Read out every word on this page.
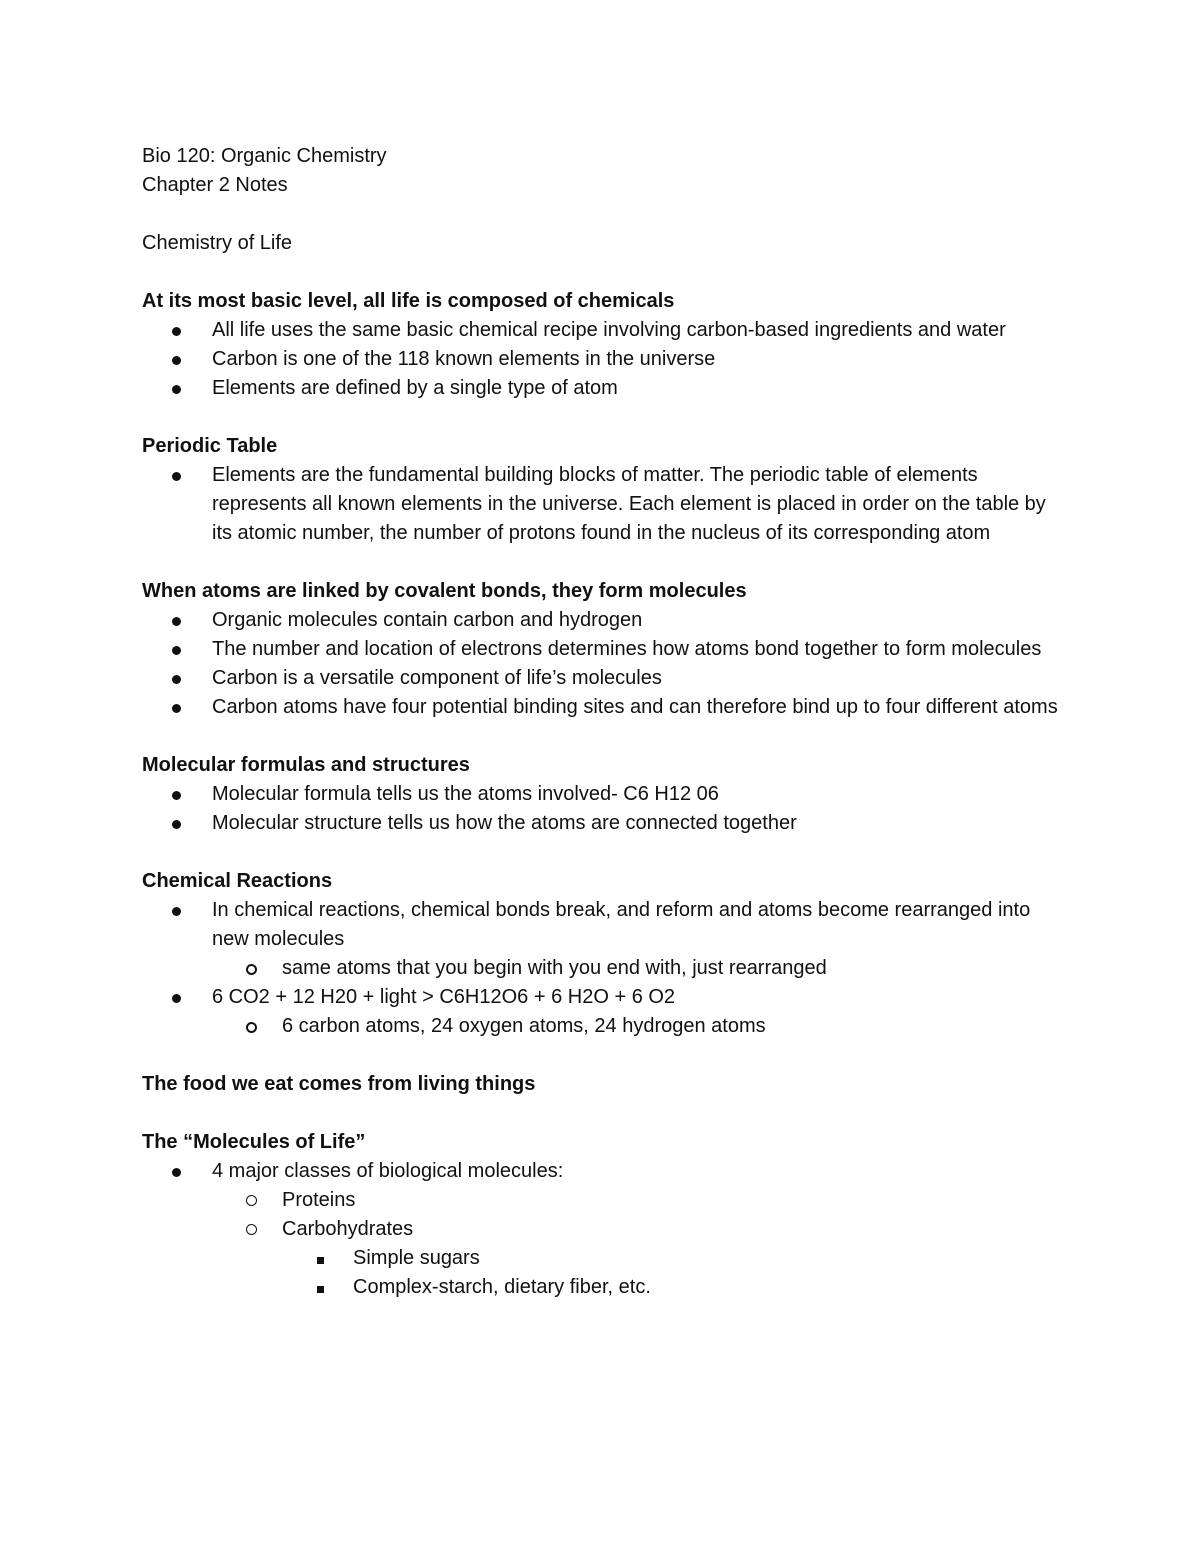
Bio 120: Organic Chemistry
Chapter 2 Notes
Chemistry of Life
At its most basic level, all life is composed of chemicals
All life uses the same basic chemical recipe involving carbon-based ingredients and water
Carbon is one of the 118 known elements in the universe
Elements are defined by a single type of atom
Periodic Table
Elements are the fundamental building blocks of matter. The periodic table of elements represents all known elements in the universe. Each element is placed in order on the table by its atomic number, the number of protons found in the nucleus of its corresponding atom
When atoms are linked by covalent bonds, they form molecules
Organic molecules contain carbon and hydrogen
The number and location of electrons determines how atoms bond together to form molecules
Carbon is a versatile component of life’s molecules
Carbon atoms have four potential binding sites and can therefore bind up to four different atoms
Molecular formulas and structures
Molecular formula tells us the atoms involved- C6 H12 06
Molecular structure tells us how the atoms are connected together
Chemical Reactions
In chemical reactions, chemical bonds break, and reform and atoms become rearranged into new molecules
same atoms that you begin with you end with, just rearranged
6 CO2 + 12 H20 + light > C6H12O6 + 6 H2O + 6 O2
6 carbon atoms, 24 oxygen atoms, 24 hydrogen atoms
The food we eat comes from living things
The “Molecules of Life”
4 major classes of biological molecules:
Proteins
Carbohydrates
Simple sugars
Complex-starch, dietary fiber, etc.
